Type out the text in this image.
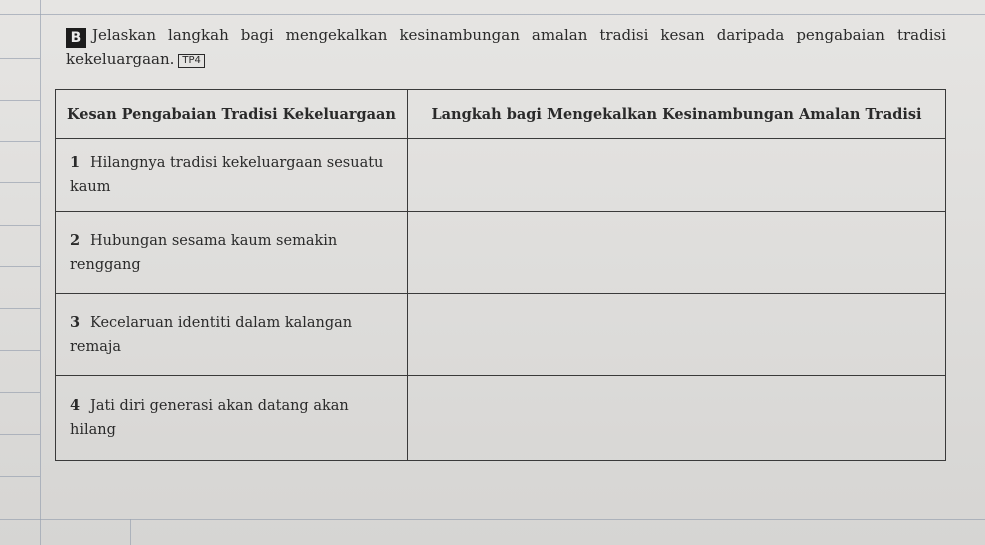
B Jelaskan langkah bagi mengekalkan kesinambungan amalan tradisi kesan daripada pengabaian tradisi kekeluargaan. TP4
Kesan Pengabaian Tradisi Kekeluargaan	Langkah bagi Mengekalkan Kesinambungan Amalan Tradisi
1 Hilangnya tradisi kekeluargaan sesuatu kaum	
2 Hubungan sesama kaum semakin renggang	
3 Kecelaruan identiti dalam kalangan remaja	
4 Jati diri generasi akan datang akan hilang	
